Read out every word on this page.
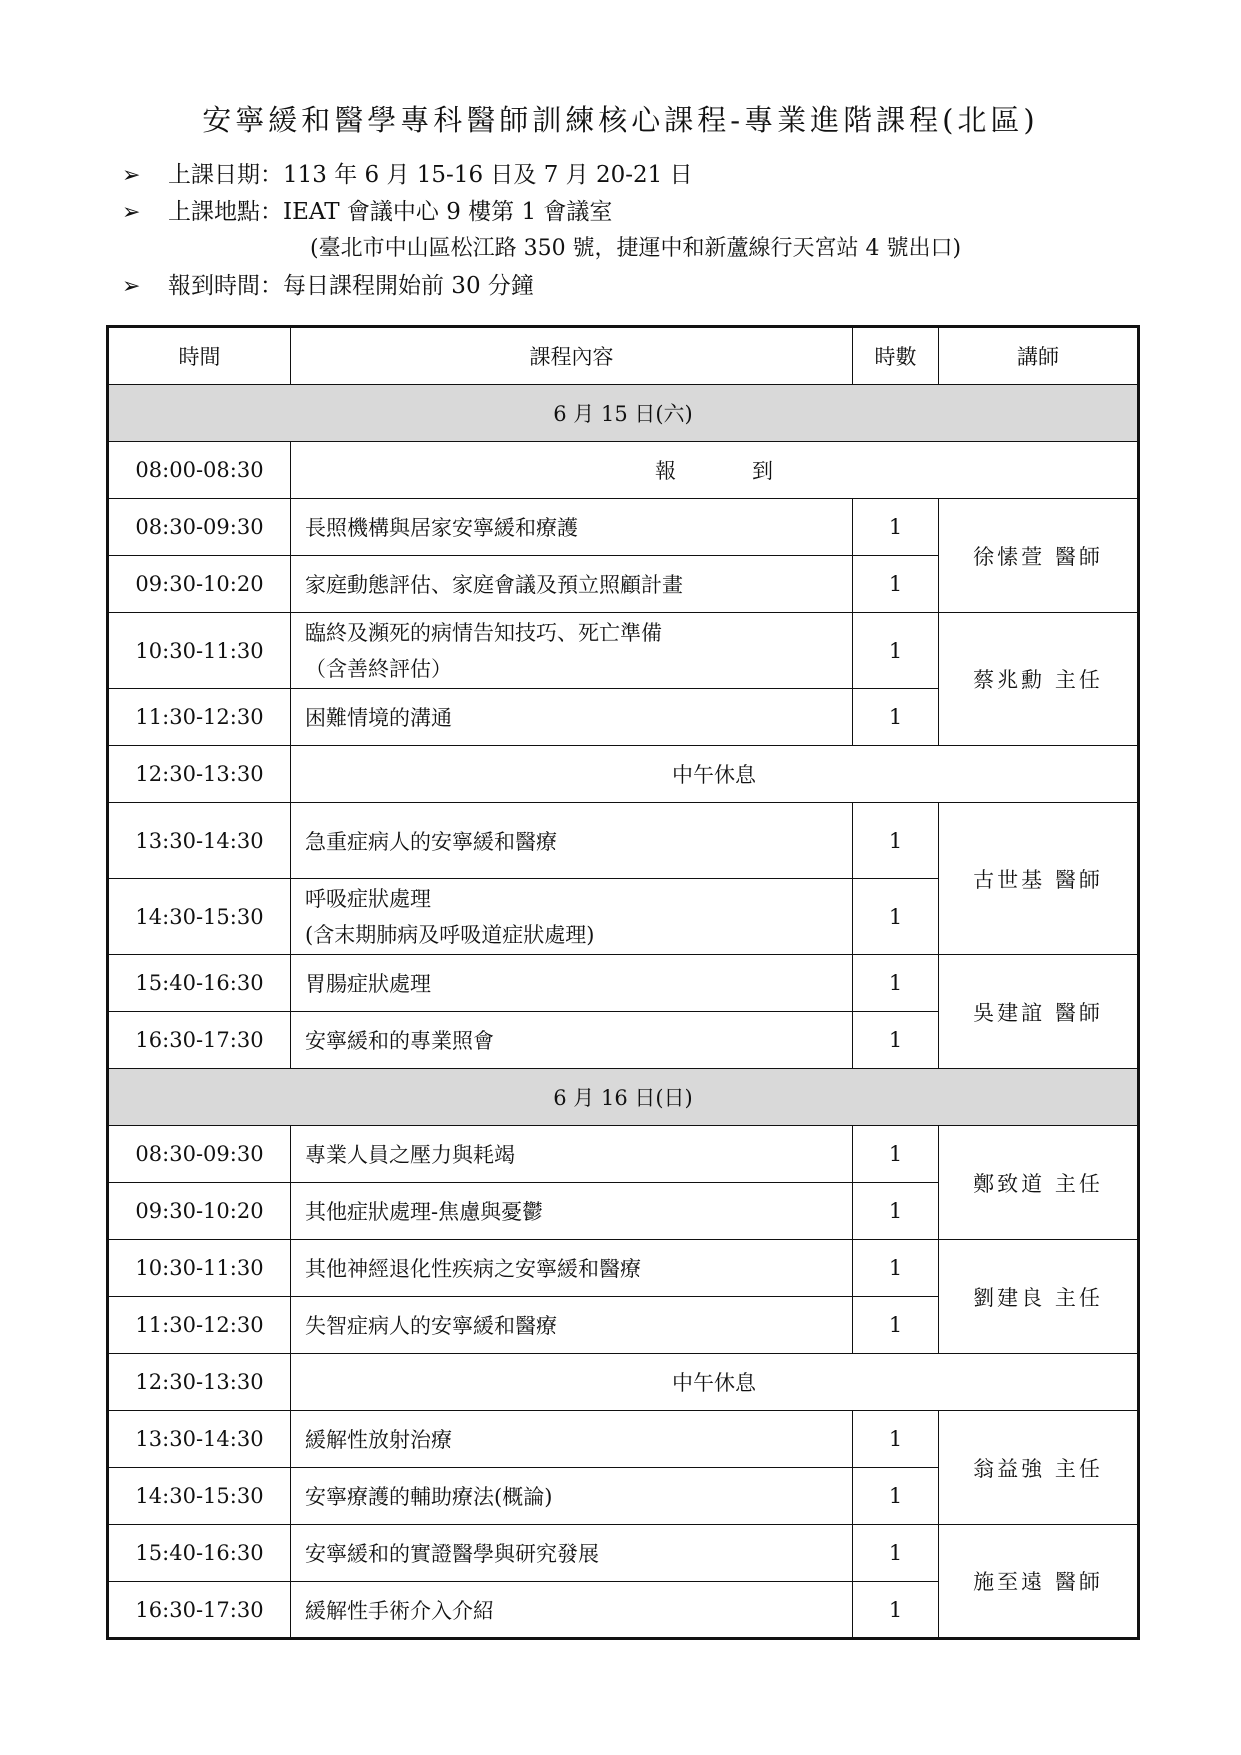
安寧緩和醫學專科醫師訓練核心課程-專業進階課程(北區)
➢ 上課日期：113 年 6 月 15-16 日及 7 月 20-21 日
➢ 上課地點：IEAT 會議中心 9 樓第 1 會議室
(臺北市中山區松江路 350 號，捷運中和新蘆線行天宮站 4 號出口)
➢ 報到時間：每日課程開始前 30 分鐘
時間	課程內容	時數	講師
6 月 15 日(六)			
08:00-08:30	報到		
08:30-09:30	長照機構與居家安寧緩和療護	1	徐愫萱 醫師
09:30-10:20	家庭動態評估、家庭會議及預立照顧計畫	1	
10:30-11:30	臨終及瀕死的病情告知技巧、死亡準備
（含善終評估）	1	蔡兆勳 主任
11:30-12:30	困難情境的溝通	1	
12:30-13:30	中午休息		
13:30-14:30	急重症病人的安寧緩和醫療	1	古世基 醫師
14:30-15:30	呼吸症狀處理
(含末期肺病及呼吸道症狀處理)	1	
15:40-16:30	胃腸症狀處理	1	吳建誼 醫師
16:30-17:30	安寧緩和的專業照會	1	
6 月 16 日(日)			
08:30-09:30	專業人員之壓力與耗竭	1	鄭致道 主任
09:30-10:20	其他症狀處理-焦慮與憂鬱	1	
10:30-11:30	其他神經退化性疾病之安寧緩和醫療	1	劉建良 主任
11:30-12:30	失智症病人的安寧緩和醫療	1	
12:30-13:30	中午休息		
13:30-14:30	緩解性放射治療	1	翁益強 主任
14:30-15:30	安寧療護的輔助療法(概論)	1	
15:40-16:30	安寧緩和的實證醫學與研究發展	1	施至遠 醫師
16:30-17:30	緩解性手術介入介紹	1	
